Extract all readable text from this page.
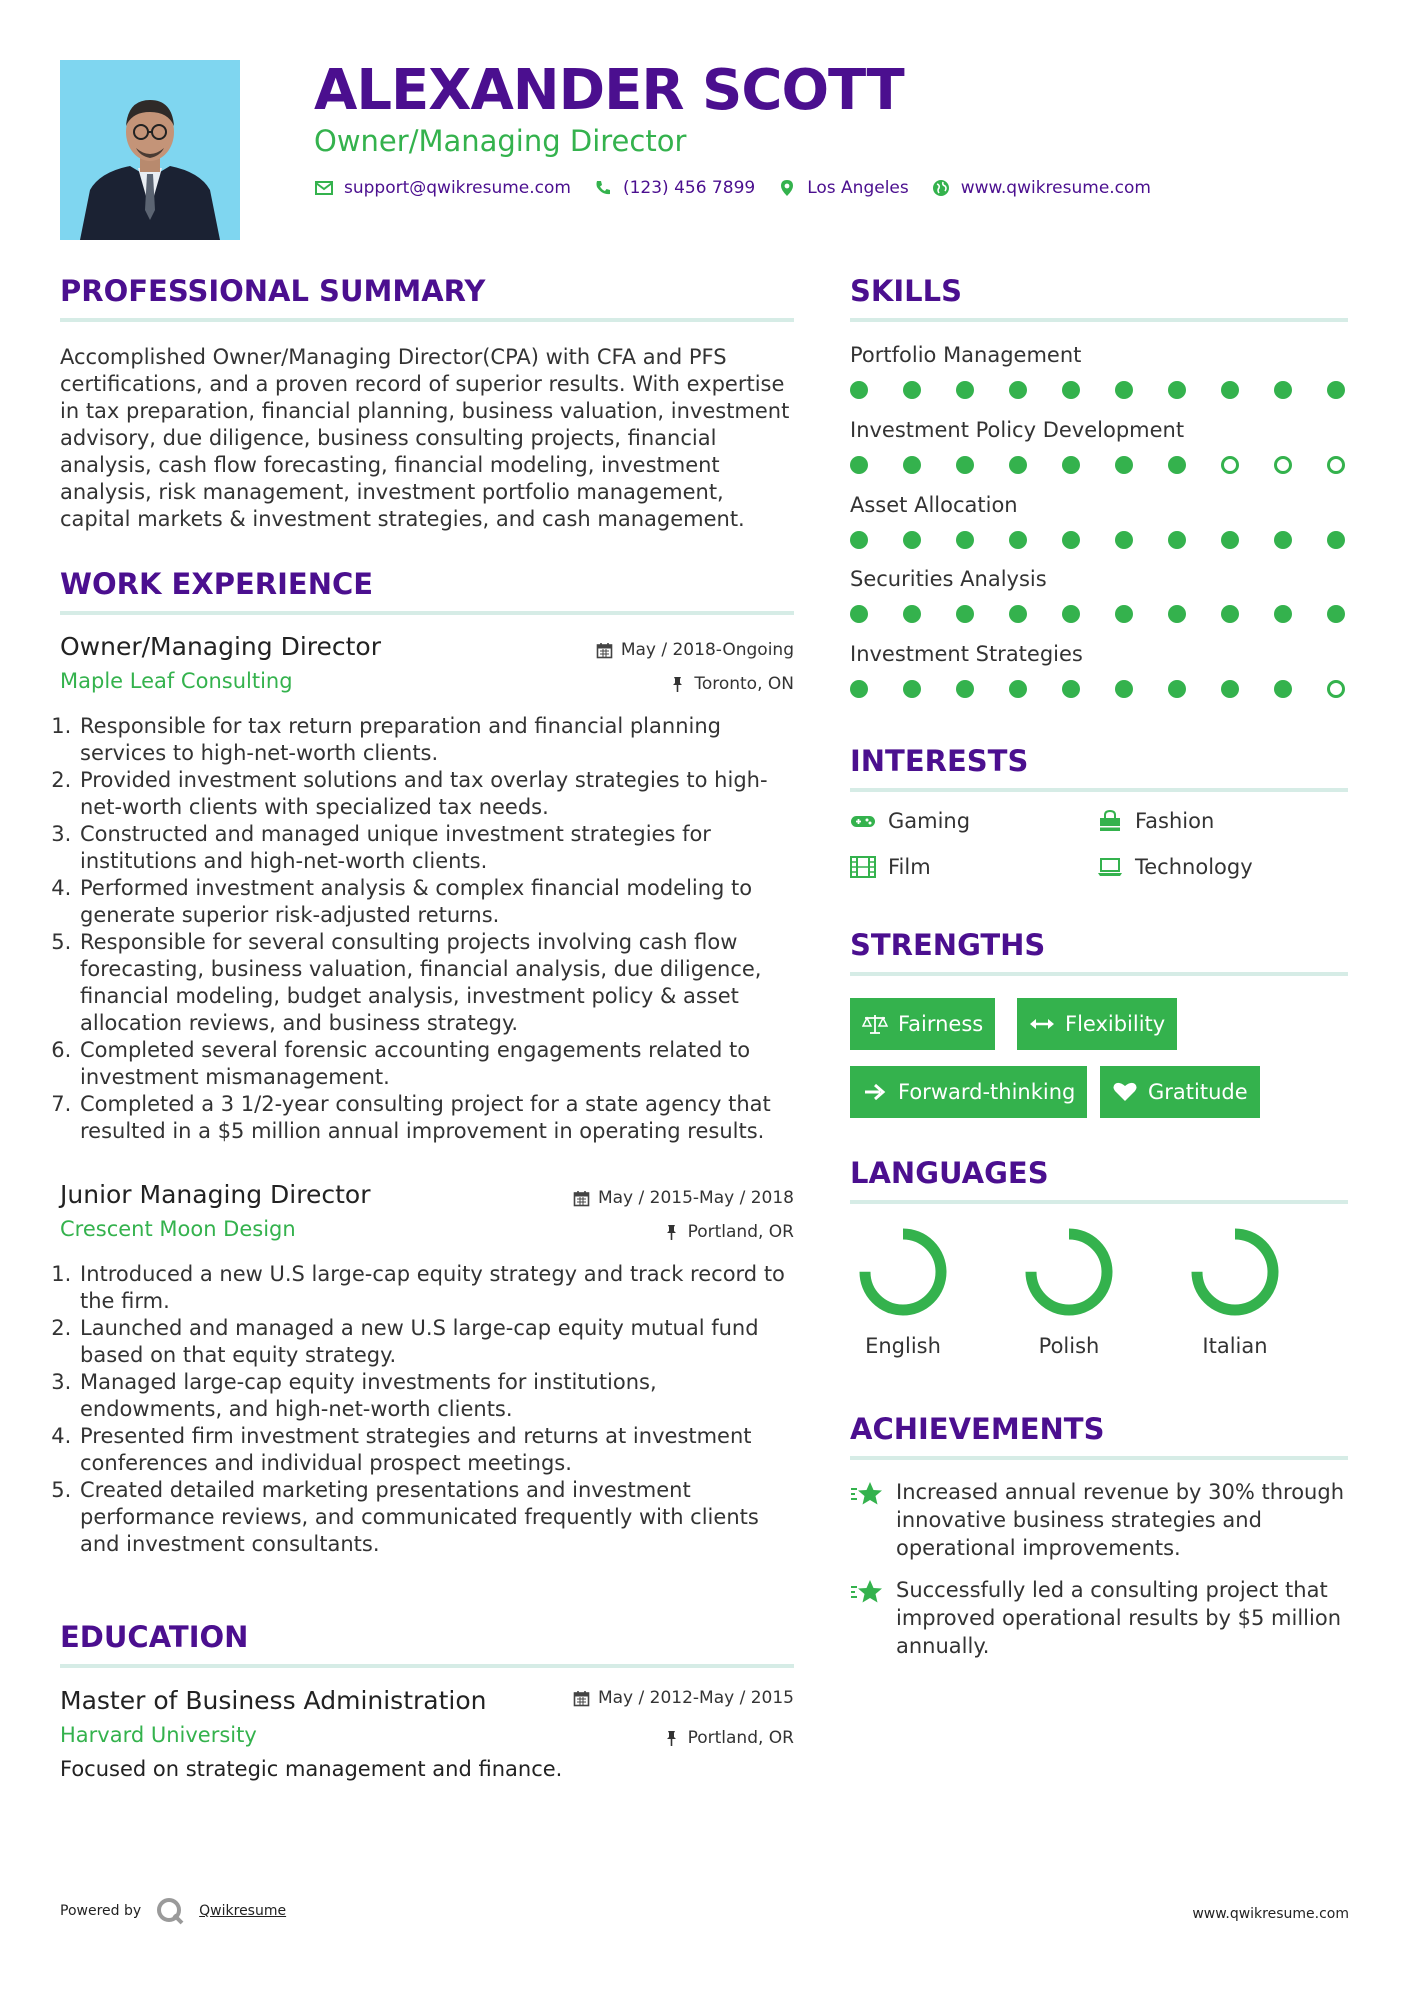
ALEXANDER SCOTT
Owner/Managing Director
support@qwikresume.com	(123) 456 7899	Los Angeles	www.qwikresume.com
PROFESSIONAL SUMMARY
Accomplished Owner/Managing Director(CPA) with CFA and PFS certifications, and a proven record of superior results. With expertise in tax preparation, financial planning, business valuation, investment advisory, due diligence, business consulting projects, financial analysis, cash flow forecasting, financial modeling, investment analysis, risk management, investment portfolio management, capital markets & investment strategies, and cash management.
WORK EXPERIENCE
Owner/Managing Director
Maple Leaf Consulting
May / 2018-Ongoing
Toronto, ON
1. Responsible for tax return preparation and financial planning services to high-net-worth clients.
2. Provided investment solutions and tax overlay strategies to high-net-worth clients with specialized tax needs.
3. Constructed and managed unique investment strategies for institutions and high-net-worth clients.
4. Performed investment analysis & complex financial modeling to generate superior risk-adjusted returns.
5. Responsible for several consulting projects involving cash flow forecasting, business valuation, financial analysis, due diligence, financial modeling, budget analysis, investment policy & asset allocation reviews, and business strategy.
6. Completed several forensic accounting engagements related to investment mismanagement.
7. Completed a 3 1/2-year consulting project for a state agency that resulted in a $5 million annual improvement in operating results.
Junior Managing Director
Crescent Moon Design
May / 2015-May / 2018
Portland, OR
1. Introduced a new U.S large-cap equity strategy and track record to the firm.
2. Launched and managed a new U.S large-cap equity mutual fund based on that equity strategy.
3. Managed large-cap equity investments for institutions, endowments, and high-net-worth clients.
4. Presented firm investment strategies and returns at investment conferences and individual prospect meetings.
5. Created detailed marketing presentations and investment performance reviews, and communicated frequently with clients and investment consultants.
EDUCATION
Master of Business Administration
Harvard University
May / 2012-May / 2015
Portland, OR
Focused on strategic management and finance.
SKILLS
Portfolio Management
Investment Policy Development
Asset Allocation
Securities Analysis
Investment Strategies
INTERESTS
Gaming	Fashion
Film	Technology
STRENGTHS
Fairness	Flexibility
Forward-thinking	Gratitude
LANGUAGES
English	Polish	Italian
ACHIEVEMENTS
Increased annual revenue by 30% through innovative business strategies and operational improvements.
Successfully led a consulting project that improved operational results by $5 million annually.
Powered by	Qwikresume	www.qwikresume.com
